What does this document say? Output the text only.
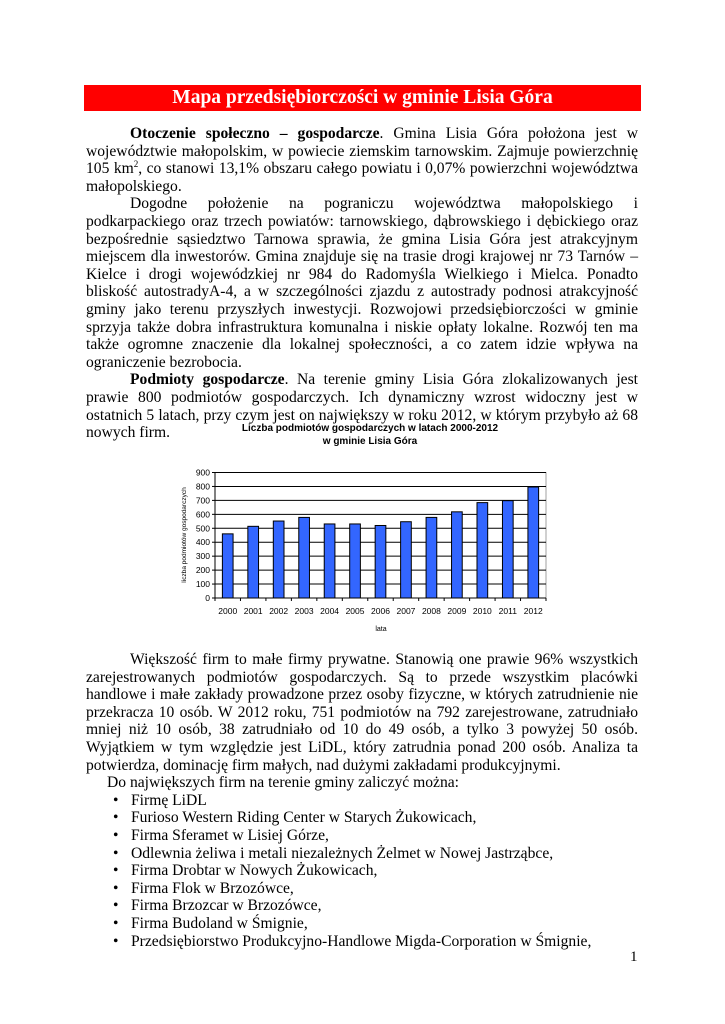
Mapa przedsiębiorczości w gminie Lisia Góra

Otoczenie społeczno – gospodarcze. Gmina Lisia Góra położona jest w województwie małopolskim, w powiecie ziemskim tarnowskim. Zajmuje powierzchnię 105 $km^2$, co stanowi 13,1% obszaru całego powiatu i 0,07% powierzchni województwa małopolskiego.

Dogodne położenie na pograniczu województwa małopolskiego i podkarpackiego oraz trzech powiatów: tarnowskiego, dąbrowskiego i dębickiego oraz bezpośrednie sąsiedztwo Tarnowa sprawia, że gmina Lisia Góra jest atrakcyjnym miejscem dla inwestorów. Gmina znajduje się na trasie drogi krajowej nr 73 Tarnów – Kielce i drogi wojewódzkiej nr 984 do Radomyśla Wielkiego i Mielca. Ponadto bliskość autostradyA-4, a w szczególności zjazdu z autostrady podnosi atrakcyjność gminy jako terenu przyszłych inwestycji. Rozwojowi przedsiębiorczości w gminie sprzyja także dobra infrastruktura komunalna i niskie opłaty lokalne. Rozwój ten ma także ogromne znaczenie dla lokalnej społeczności, a co zatem idzie wpływa na ograniczenie bezrobocia.

Podmioty gospodarcze. Na terenie gminy Lisia Góra zlokalizowanych jest prawie 800 podmiotów gospodarczych. Ich dynamiczny wzrost widoczny jest w ostatnich 5 latach, przy czym jest on największy w roku 2012, w którym przybyło aż 68 nowych firm.	Liczba podmiotów gospodarczych w latach 2000-2012
w gminie Lisia Góra
0
100
200
300
400
500
600
700
800
900
2000 2001 2002 2003 2004 2005 2006 2007 2008 2009 2010 2011 2012
liczba podmiotów gospodarczych
lata

Większość firm to małe firmy prywatne. Stanowią one prawie 96% wszystkich zarejestrowanych podmiotów gospodarczych. Są to przede wszystkim placówki handlowe i małe zakłady prowadzone przez osoby fizyczne, w których zatrudnienie nie przekracza 10 osób. W 2012 roku, 751 podmiotów na 792 zarejestrowane, zatrudniało mniej niż 10 osób, 38 zatrudniało od 10 do 49 osób, a tylko 3 powyżej 50 osób. Wyjątkiem w tym względzie jest LiDL, który zatrudnia ponad 200 osób. Analiza ta potwierdza, dominację firm małych, nad dużymi zakładami produkcyjnymi.

Do największych firm na terenie gminy zaliczyć można:

• Firmę LiDL
• Furioso Western Riding Center w Starych Żukowicach,
• Firma Sferamet w Lisiej Górze,
• Odlewnia żeliwa i metali niezależnych Żelmet w Nowej Jastrząbce,
• Firma Drobtar w Nowych Żukowicach,
• Firma Flok w Brzozówce,
• Firma Brzozcar w Brzozówce,
• Firma Budoland w Śmignie,
• Przedsiębiorstwo Produkcyjno-Handlowe Migda-Corporation w Śmignie,
1
